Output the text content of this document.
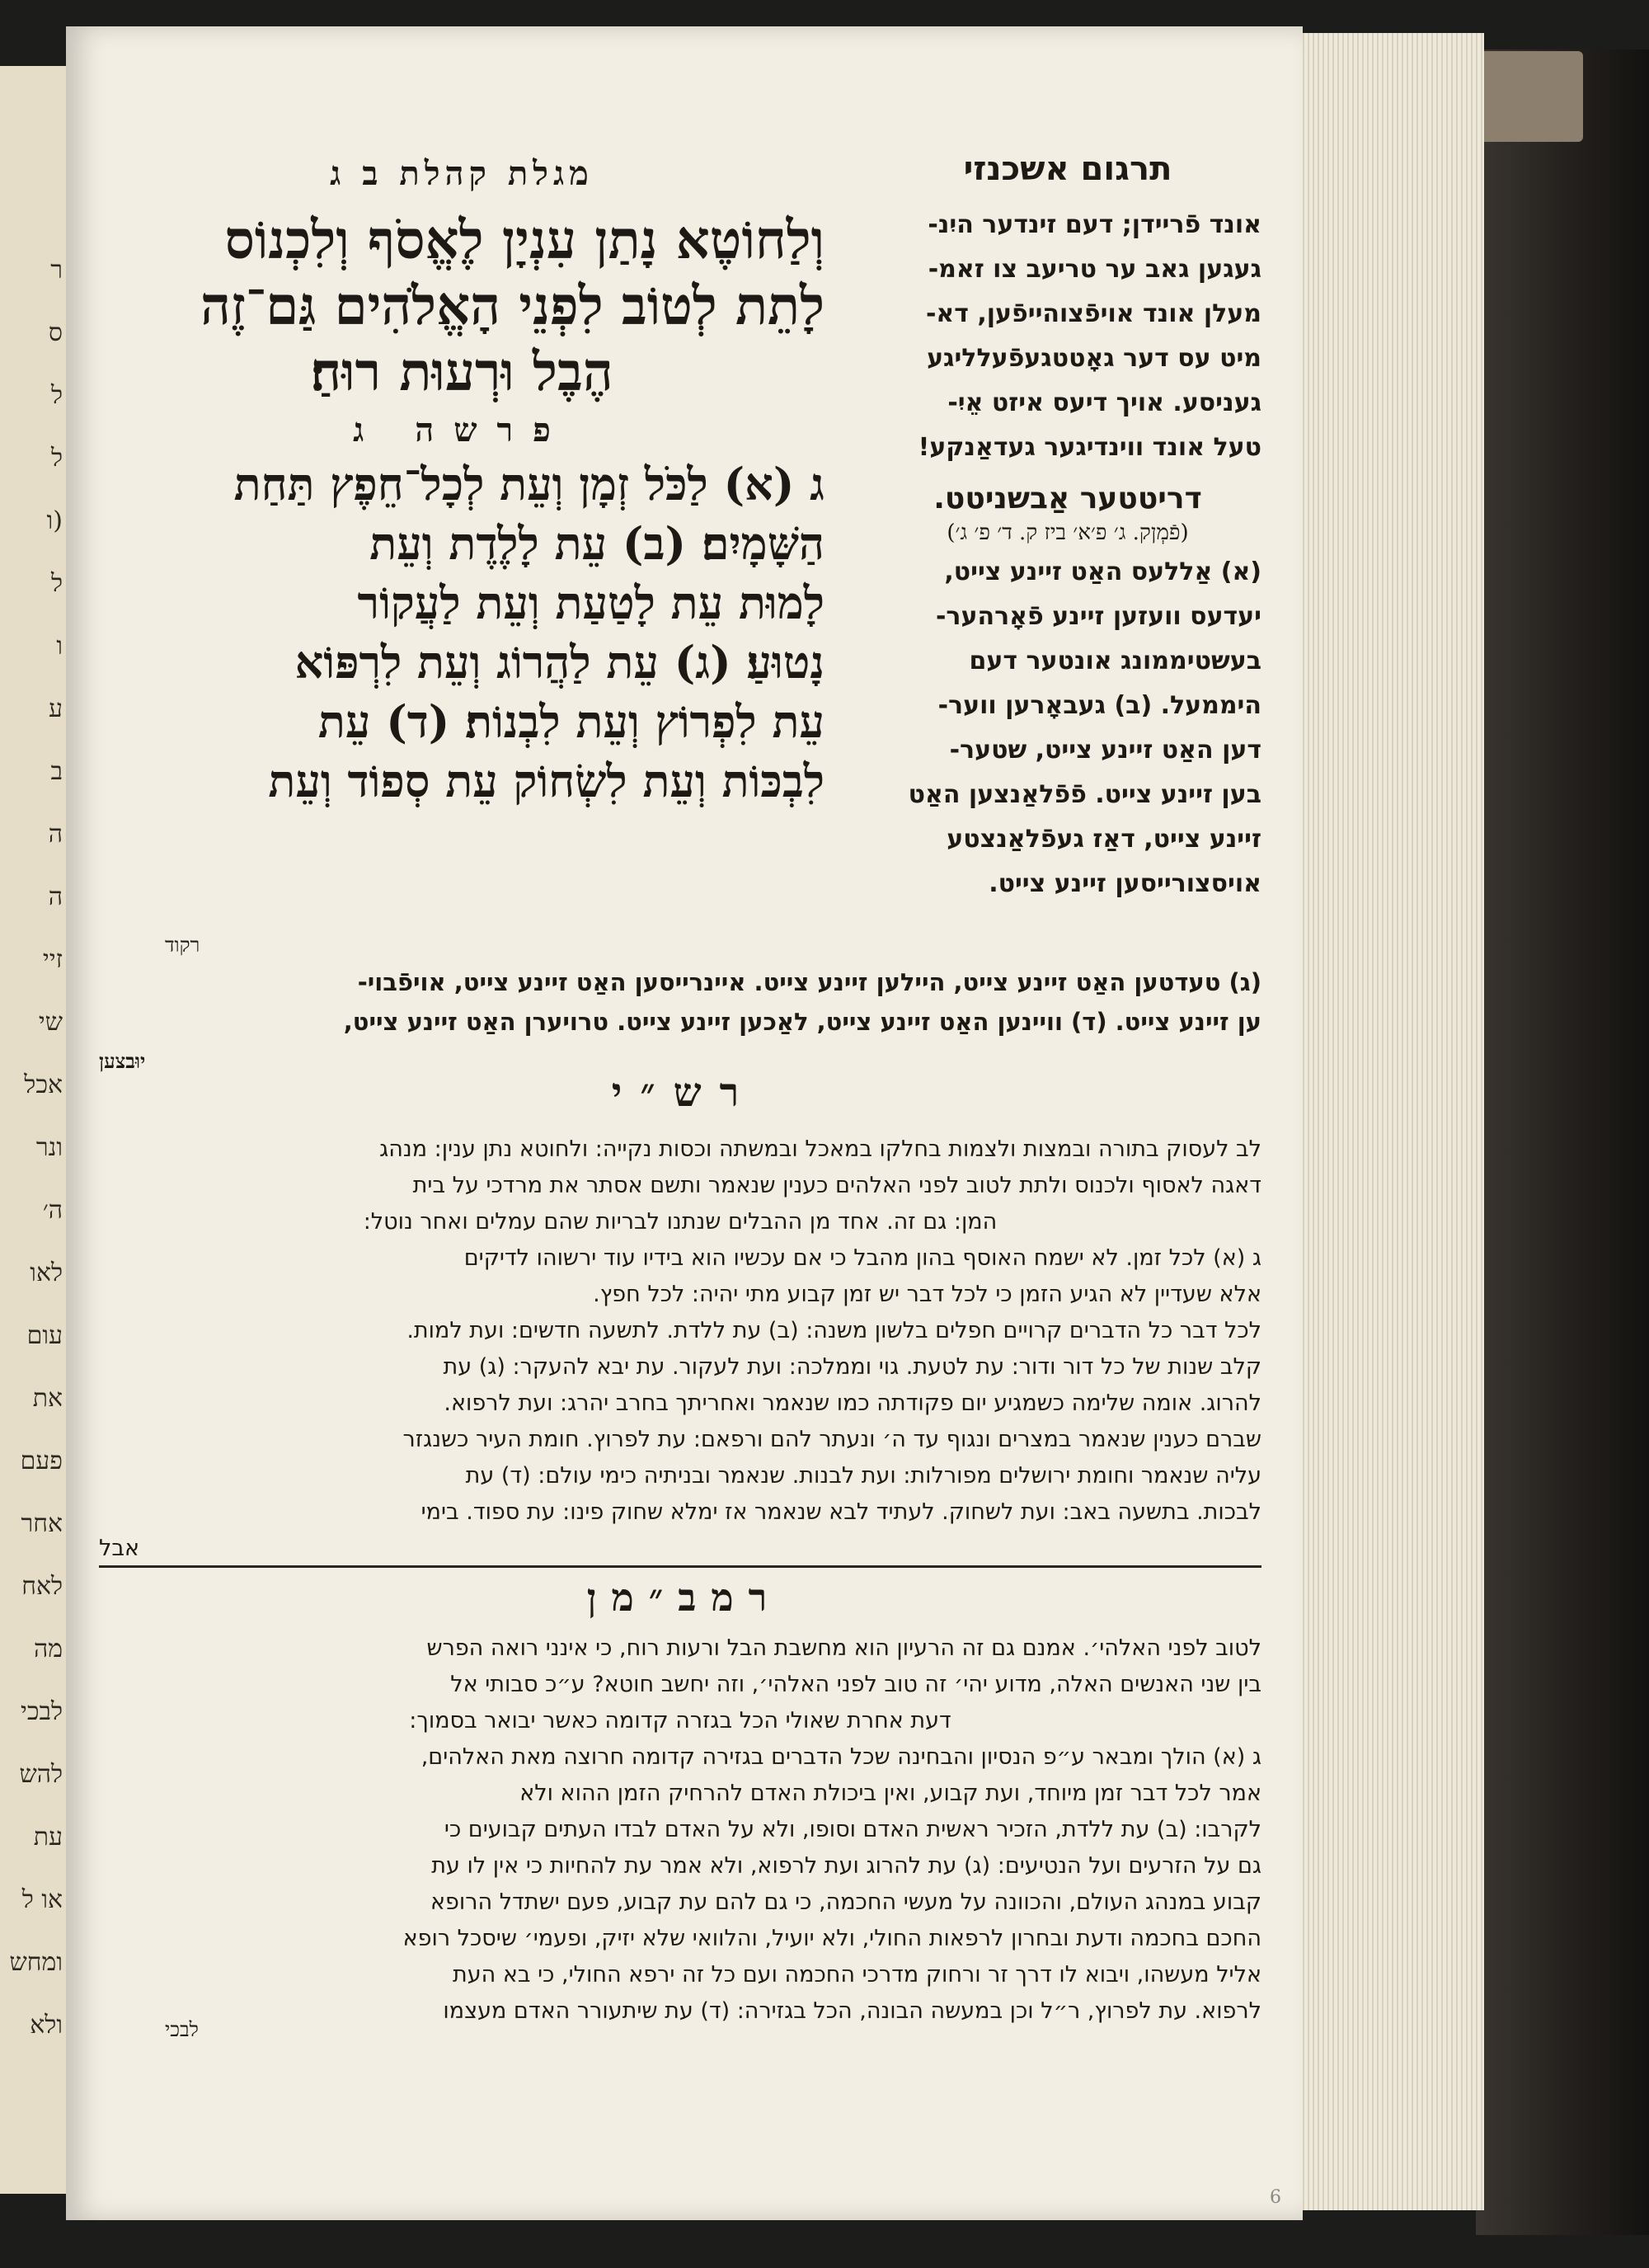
ר
ס
ל
ל
(ו
ל
ו
ע
ב
ה
ה
זיי
שי
אכל
ונר
ה׳
לאו
עום
את
פעם
אחר
לאח
מה
לבכי
להש
עת
או ל
ומחש
ולא
תרגום אשכנזי
אונד פֿריידן; דעם זינדער היִנ-
געגען גאב ער טריעב צו זאמ-
מעלן אונד אויפֿצוהייפֿען, דא-
מיט עס דער גאָטטגעפֿעלליגע
געניסע. אויך דיעס איזט אֵיִ-
טעל אונד ווינדיגער געדאַנקע!
דריטטער אַבשניטט.
(פֿמְןק. ג׳ פ׳א׳ ביז ק. ד׳ פ׳ ג׳)
(א) אַללעס האַט זיינע צייט,
יעדעס וועזען זיינע פֿאָרהער-
בעשטיממונג אונטער דעם
היממעל. (ב) געבאָרען ווער-
דען האַט זיינע צייט, שטער-
בען זיינע צייט. פֿפֿלאַנצען האַט
זיינע צייט, דאַז געפֿלאַנצטע
אויסצורייסען זיינע צייט.
מגלת קהלת ב ג
וְלַחוֹטֶא נָתַן עִנְיָן לֶאֱסֹף וְלִכְנוֹס
לָתֵת לְטוֹב לִפְנֵי הָאֱלֹהִים גַּם־זֶה
הֶבֶל וּרְעוּת רוּחַ׃
פרשה ג
ג (א) לַכֹּל זְמָן וְעֵת לְכָל־חֵפֶץ תַּחַת
הַשָּׁמָיִם׃ (ב) עֵת לָלֶדֶת וְעֵת
לָמוּת עֵת לָטַעַת וְעֵת לַעֲקוֹר
נָטוּעַ׃ (ג) עֵת לַהֲרוֹג וְעֵת לִרְפּוֹא
עֵת לִפְרוֹץ וְעֵת לִבְנוֹת׃ (ד) עֵת
לִבְכּוֹת וְעֵת לִשְׂחוֹק עֵת סְפוֹד וְעֵת
רקוד
(ג) טעדטען האַט זיינע צייט, היילען זיינע צייט. איינרייסען האַט זיינע צייט, אויפֿבוי-
ען זיינע צייט. (ד) וויינען האַט זיינע צייט, לאַכען זיינע צייט. טרויערן האַט זיינע צייט,
יוּבצען
רש״י
לב לעסוק בתורה ובמצות ולצמות בחלקו במאכל ובמשתה וכסות נקייה: ולחוטא נתן ענין: מנהג
דאגה לאסוף ולכנוס ולתת לטוב לפני האלהים כענין שנאמר ותשם אסתר את מרדכי על בית
המן: גם זה. אחד מן ההבלים שנתנו לבריות שהם עמלים ואחר נוטל:
ג (א) לכל זמן. לא ישמח האוסף בהון מהבל כי אם עכשיו הוא בידיו עוד ירשוהו לדיקים
אלא שעדיין לא הגיע הזמן כי לכל דבר יש זמן קבוע מתי יהיה: לכל חפץ.
לכל דבר כל הדברים קרויים חפלים בלשון משנה: (ב) עת ללדת. לתשעה חדשים: ועת למות.
קלב שנות של כל דור ודור: עת לטעת. גוי וממלכה: ועת לעקור. עת יבא להעקר: (ג) עת
להרוג. אומה שלימה כשמגיע יום פקודתה כמו שנאמר ואחריתך בחרב יהרג: ועת לרפוא.
שברם כענין שנאמר במצרים ונגוף עד ה׳ ונעתר להם ורפאם: עת לפרוץ. חומת העיר כשנגזר
עליה שנאמר וחומת ירושלים מפורלות: ועת לבנות. שנאמר ובניתיה כימי עולם: (ד) עת
לבכות. בתשעה באב: ועת לשחוק. לעתיד לבא שנאמר אז ימלא שחוק פינו: עת ספוד. בימי
אבל
רמב״מן
לטוב לפני האלהי׳. אמנם גם זה הרעיון הוא מחשבת הבל ורעות רוח, כי אינני רואה הפרש
בין שני האנשים האלה, מדוע יהי׳ זה טוב לפני האלהי׳, וזה יחשב חוטא? ע״כ סבותי אל
דעת אחרת שאולי הכל בגזרה קדומה כאשר יבואר בסמוך:
ג (א) הולך ומבאר ע״פ הנסיון והבחינה שכל הדברים בגזירה קדומה חרוצה מאת האלהים,
אמר לכל דבר זמן מיוחד, ועת קבוע, ואין ביכולת האדם להרחיק הזמן ההוא ולא
לקרבו: (ב) עת ללדת, הזכיר ראשית האדם וסופו, ולא על האדם לבדו העתים קבועים כי
גם על הזרעים ועל הנטיעים: (ג) עת להרוג ועת לרפוא, ולא אמר עת להחיות כי אין לו עת
קבוע במנהג העולם, והכוונה על מעשי החכמה, כי גם להם עת קבוע, פעם ישתדל הרופא
החכם בחכמה ודעת ובחרון לרפאות החולי, ולא יועיל, והלוואי שלא יזיק, ופעמי׳ שיסכל רופא
אליל מעשהו, ויבוא לו דרך זר ורחוק מדרכי החכמה ועם כל זה ירפא החולי, כי בא העת
לרפוא. עת לפרוץ, ר״ל וכן במעשה הבונה, הכל בגזירה: (ד) עת שיתעורר האדם מעצמו
לבכי
6
